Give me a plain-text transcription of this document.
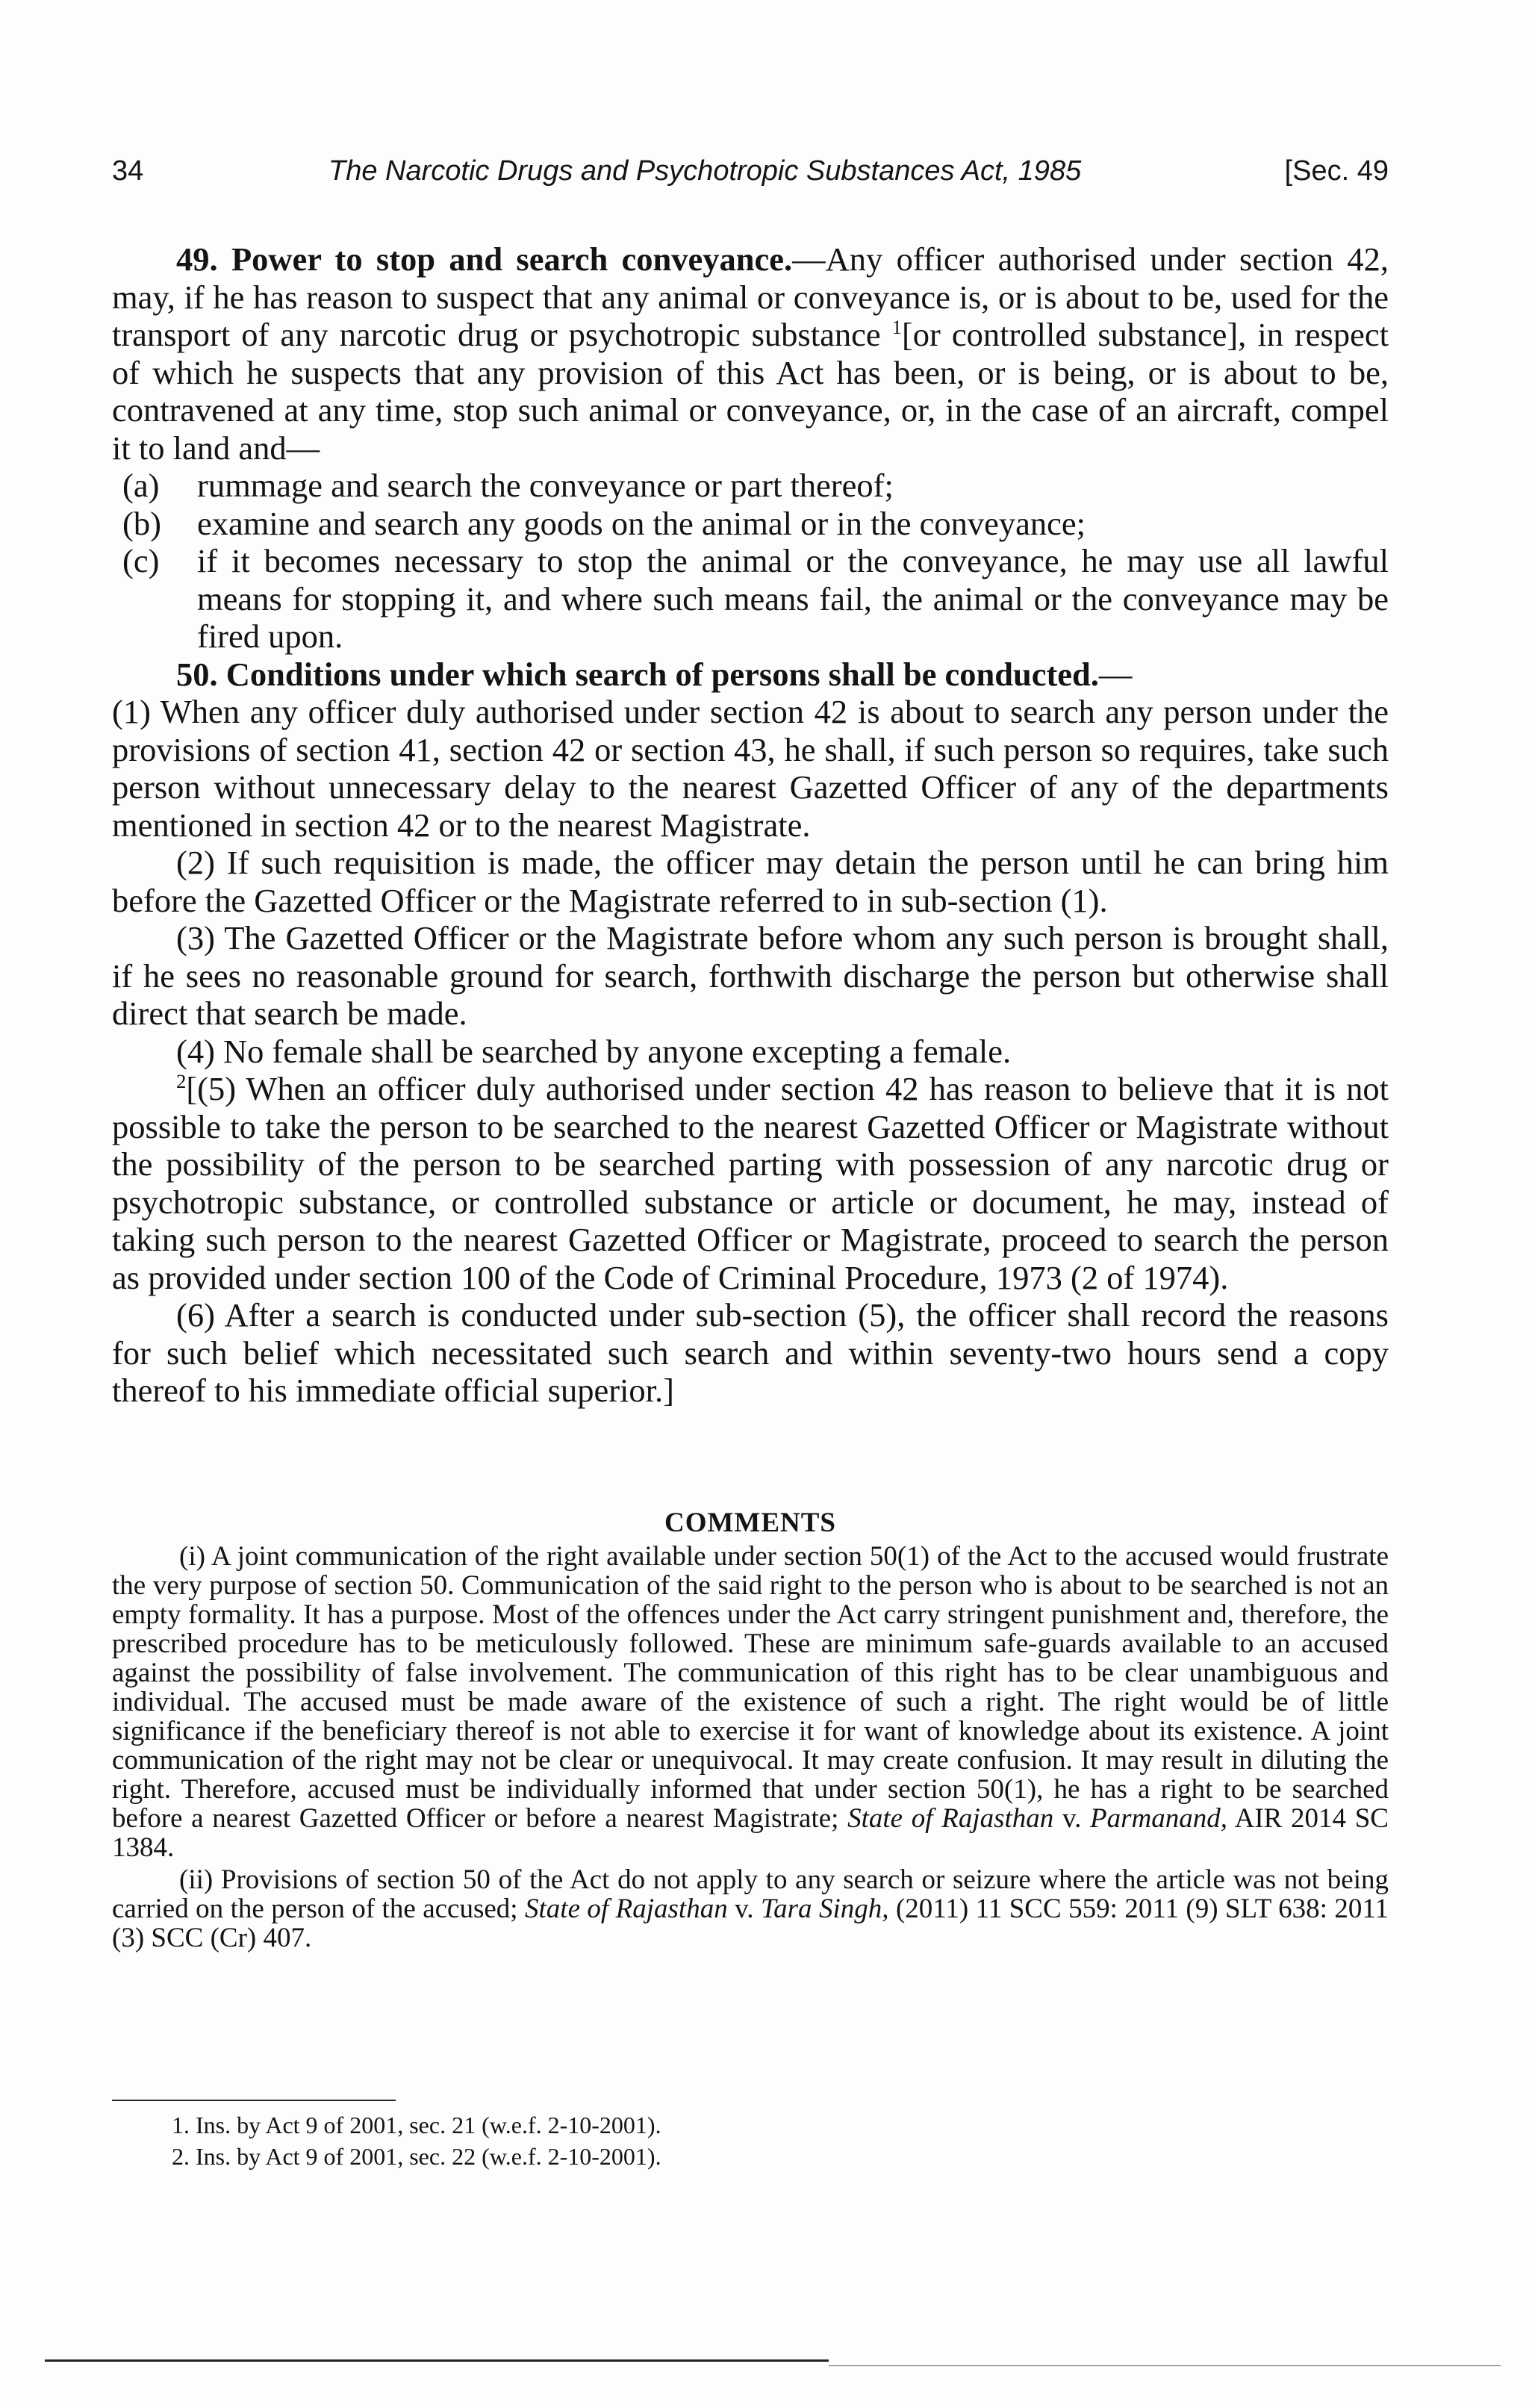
34	The Narcotic Drugs and Psychotropic Substances Act, 1985	[Sec. 49

49. Power to stop and search conveyance.—Any officer authorised under section 42, may, if he has reason to suspect that any animal or conveyance is, or is about to be, used for the transport of any narcotic drug or psychotropic substance $^1$[or controlled substance], in respect of which he suspects that any provision of this Act has been, or is being, or is about to be, contravened at any time, stop such animal or conveyance, or, in the case of an aircraft, compel it to land and—

(a)	rummage and search the conveyance or part thereof;
(b)	examine and search any goods on the animal or in the conveyance;
(c)	if it becomes necessary to stop the animal or the conveyance, he may use all lawful means for stopping it, and where such means fail, the animal or the conveyance may be fired upon.

50. Conditions under which search of persons shall be conducted.—

(1) When any officer duly authorised under section 42 is about to search any person under the provisions of section 41, section 42 or section 43, he shall, if such person so requires, take such person without unnecessary delay to the nearest Gazetted Officer of any of the departments mentioned in section 42 or to the nearest Magistrate.

(2) If such requisition is made, the officer may detain the person until he can bring him before the Gazetted Officer or the Magistrate referred to in sub-section (1).

(3) The Gazetted Officer or the Magistrate before whom any such person is brought shall, if he sees no reasonable ground for search, forthwith discharge the person but otherwise shall direct that search be made.

(4) No female shall be searched by anyone excepting a female.

$^2$[(5) When an officer duly authorised under section 42 has reason to believe that it is not possible to take the person to be searched to the nearest Gazetted Officer or Magistrate without the possibility of the person to be searched parting with possession of any narcotic drug or psychotropic substance, or controlled substance or article or document, he may, instead of taking such person to the nearest Gazetted Officer or Magistrate, proceed to search the person as provided under section 100 of the Code of Criminal Procedure, 1973 (2 of 1974).

(6) After a search is conducted under sub-section (5), the officer shall record the reasons for such belief which necessitated such search and within seventy-two hours send a copy thereof to his immediate official superior.]

COMMENTS

(i) A joint communication of the right available under section 50(1) of the Act to the accused would frustrate the very purpose of section 50. Communication of the said right to the person who is about to be searched is not an empty formality. It has a purpose. Most of the offences under the Act carry stringent punishment and, therefore, the prescribed procedure has to be meticulously followed. These are minimum safe-guards available to an accused against the possibility of false involvement. The communication of this right has to be clear unambiguous and individual. The accused must be made aware of the existence of such a right. The right would be of little significance if the beneficiary thereof is not able to exercise it for want of knowledge about its existence. A joint communication of the right may not be clear or unequivocal. It may create confusion. It may result in diluting the right. Therefore, accused must be individually informed that under section 50(1), he has a right to be searched before a nearest Gazetted Officer or before a nearest Magistrate; State of Rajasthan v. Parmanand, AIR 2014 SC 1384.

(ii) Provisions of section 50 of the Act do not apply to any search or seizure where the article was not being carried on the person of the accused; State of Rajasthan v. Tara Singh, (2011) 11 SCC 559: 2011 (9) SLT 638: 2011 (3) SCC (Cr) 407.

1. Ins. by Act 9 of 2001, sec. 21 (w.e.f. 2-10-2001).
2. Ins. by Act 9 of 2001, sec. 22 (w.e.f. 2-10-2001).
